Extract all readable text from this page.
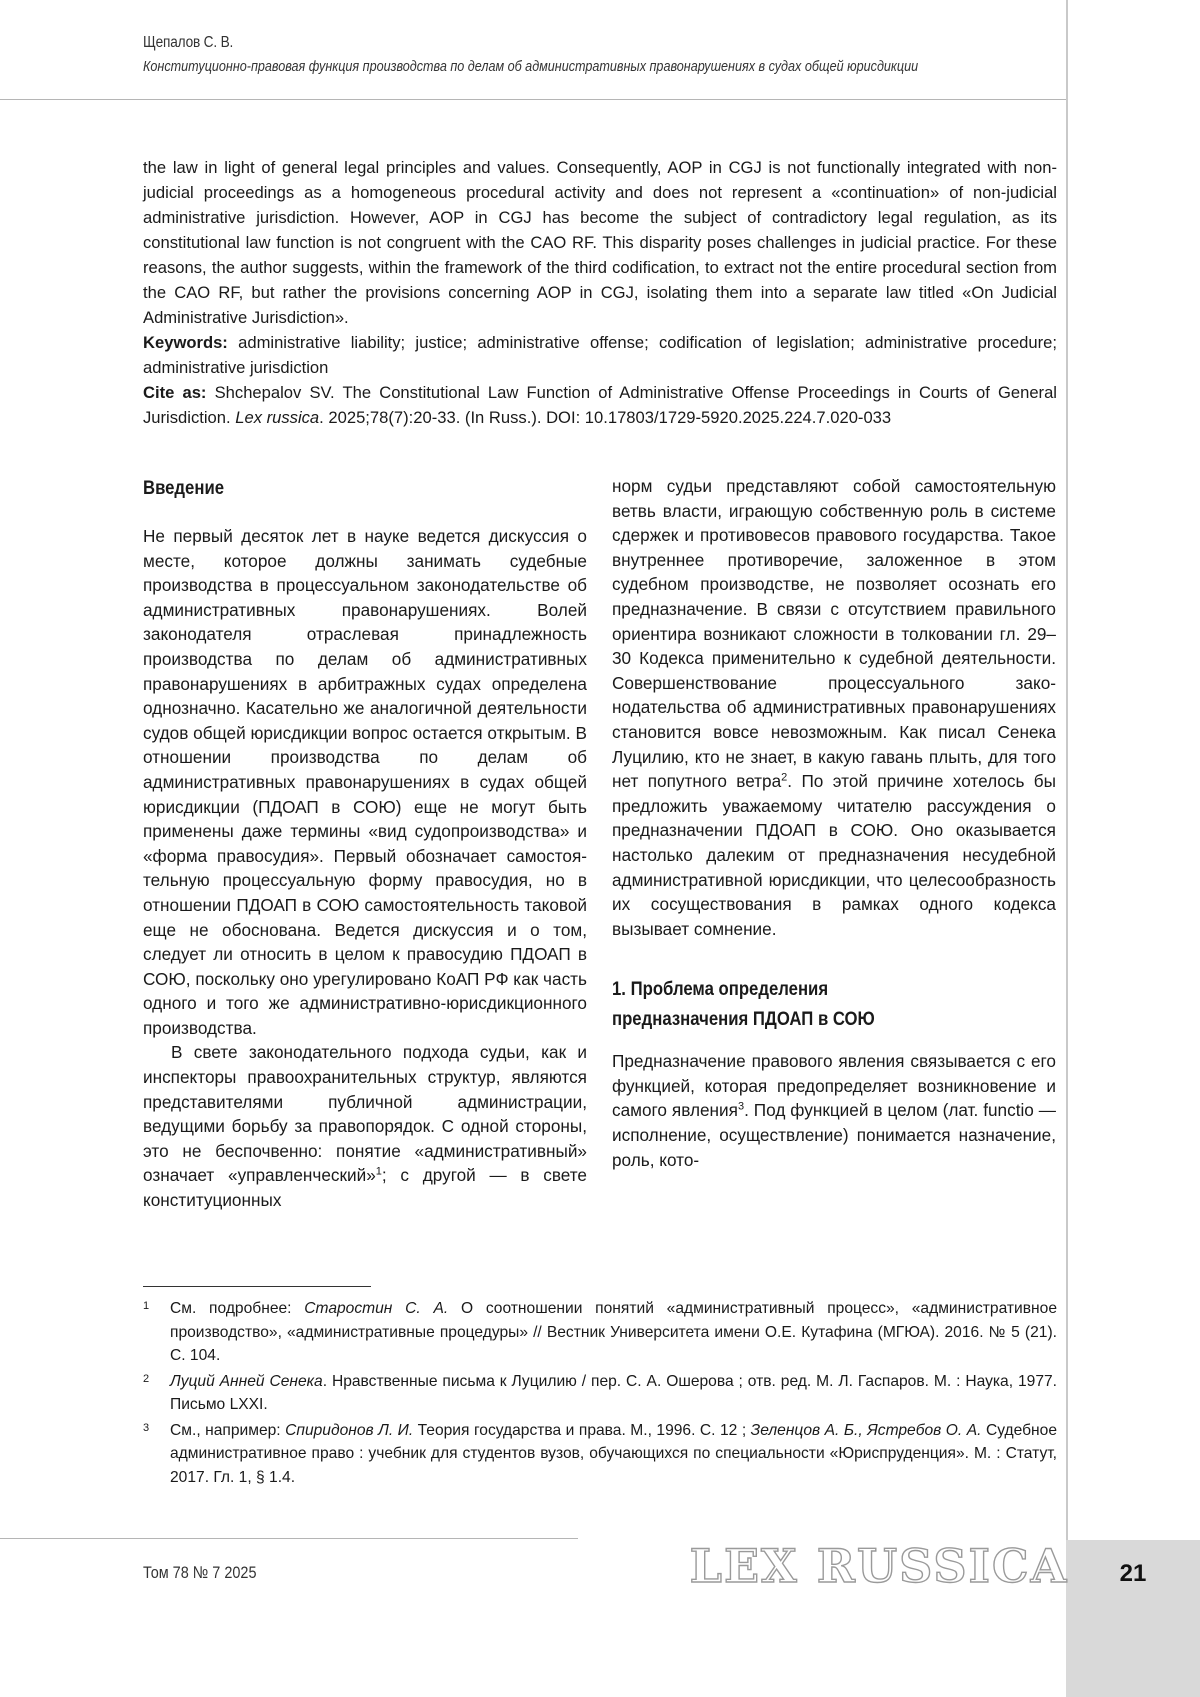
Щепалов С. В.
Конституционно-правовая функция производства по делам об административных правонарушениях в судах общей юрисдикции

the law in light of general legal principles and values. Consequently, AOP in CGJ is not functionally integrated with non-judicial proceedings as a homogeneous procedural activity and does not represent a «continuation» of non-judicial administrative jurisdiction. However, AOP in CGJ has become the subject of contradictory legal regulation, as its constitutional law function is not congruent with the CAO RF. This disparity poses challenges in judicial practice. For these reasons, the author suggests, within the framework of the third codification, to extract not the entire procedural section from the CAO RF, but rather the provisions concerning AOP in CGJ, isolating them into a separate law titled «On Judicial Administrative Jurisdiction».

Keywords: administrative liability; justice; administrative offense; codification of legislation; administrative procedure; administrative jurisdiction

Cite as: Shchepalov SV. The Constitutional Law Function of Administrative Offense Proceedings in Courts of General Jurisdiction. Lex russica. 2025;78(7):20-33. (In Russ.). DOI: 10.17803/1729-5920.2025.224.7.020-033

Введение

Не первый десяток лет в науке ведется дискуссия о месте, которое должны занимать судебные производства в процессуальном законодательстве об административных правонарушениях. Волей законодателя отраслевая принадлежность производства по делам об административных правонарушениях в арбитражных судах определена однозначно. Касательно же аналогичной деятельности судов общей юрисдикции вопрос остается открытым. В отношении производства по делам об административных правонарушениях в судах общей юрисдикции (ПДОАП в СОЮ) еще не могут быть применены даже термины «вид судопроизводства» и «форма правосудия». Первый обозначает самостоятельную процессуальную форму правосудия, но в отношении ПДОАП в СОЮ самостоятельность таковой еще не обоснована. Ведется дискуссия и о том, следует ли относить в целом к правосудию ПДОАП в СОЮ, поскольку оно урегулировано КоАП РФ как часть одного и того же административно-юрисдикционного производства.

В свете законодательного подхода судьи, как и инспекторы правоохранительных структур, являются представителями публичной администрации, ведущими борьбу за правопорядок. С одной стороны, это не беспочвенно: понятие «административный» означает «управленческий»$^1$; с другой — в свете конституционных

норм судьи представляют собой самостоятельную ветвь власти, играющую собственную роль в системе сдержек и противовесов правового государства. Такое внутреннее противоречие, заложенное в этом судебном производстве, не позволяет осознать его предназначение. В связи с отсутствием правильного ориентира возникают сложности в толковании гл. 29–30 Кодекса применительно к судебной деятельности. Совершенствование процессуального законодательства об административных правонарушениях становится вовсе невозможным. Как писал Сенека Луцилию, кто не знает, в какую гавань плыть, для того нет попутного ветра$^2$. По этой причине хотелось бы предложить уважаемому читателю рассуждения о предназначении ПДОАП в СОЮ. Оно оказывается настолько далеким от предназначения несудебной административной юрисдикции, что целесообразность их сосуществования в рамках одного кодекса вызывает сомнение.

1. Проблема определения
предназначения ПДОАП в СОЮ

Предназначение правового явления связывается с его функцией, которая предопределяет возникновение и самого явления$^3$. Под функцией в целом (лат. functio — исполнение, осуществление) понимается назначение, роль, кото-

1	См. подробнее: Старостин С. А. О соотношении понятий «административный процесс», «административное производство», «административные процедуры» // Вестник Университета имени О.Е. Кутафина (МГЮА). 2016. № 5 (21). С. 104.
2	Луций Анней Сенека. Нравственные письма к Луцилию / пер. С. А. Ошерова ; отв. ред. М. Л. Гаспаров. М. : Наука, 1977. Письмо LXXI.
3	См., например: Спиридонов Л. И. Теория государства и права. М., 1996. С. 12 ; Зеленцов А. Б., Ястребов О. А. Судебное административное право : учебник для студентов вузов, обучающихся по специальности «Юриспруденция». М. : Статут, 2017. Гл. 1, § 1.4.
Том 78 № 7 2025	LEX RUSSICA	21
